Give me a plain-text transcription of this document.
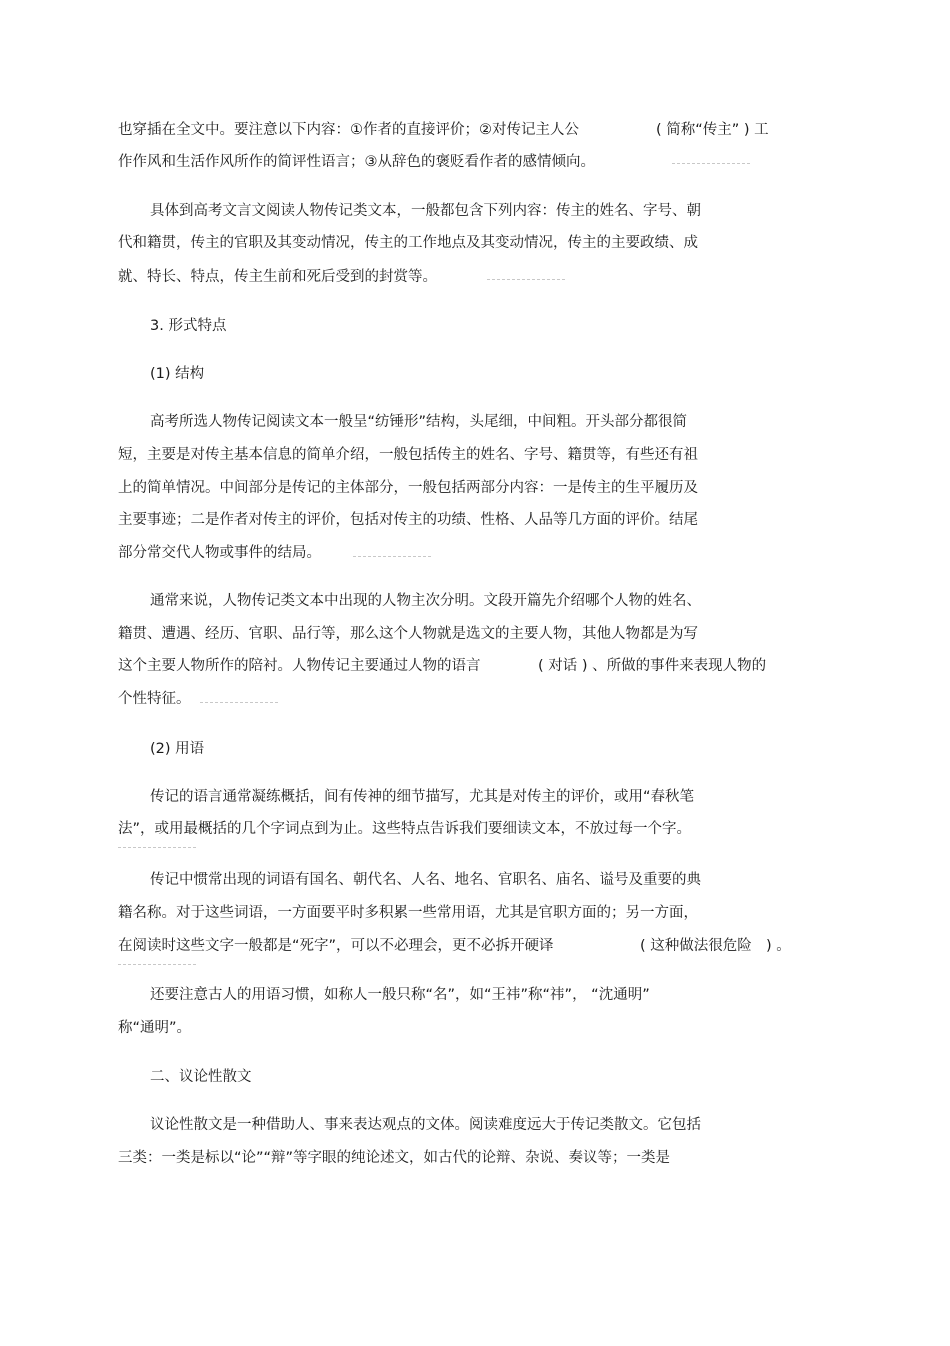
也穿插在全文中。要注意以下内容：①作者的直接评价；②对传记主人公	( 简称“传主” ) 工
作作风和生活作风所作的简评性语言；③从辞色的褒贬看作者的感情倾向。
具体到高考文言文阅读人物传记类文本，一般都包含下列内容：传主的姓名、字号、朝
代和籍贯，传主的官职及其变动情况，传主的工作地点及其变动情况，传主的主要政绩、成
就、特长、特点，传主生前和死后受到的封赏等。
3. 形式特点
(1) 结构
高考所选人物传记阅读文本一般呈“纺锤形”结构，头尾细，中间粗。开头部分都很简
短，主要是对传主基本信息的简单介绍，一般包括传主的姓名、字号、籍贯等，有些还有祖
上的简单情况。中间部分是传记的主体部分，一般包括两部分内容：一是传主的生平履历及
主要事迹；二是作者对传主的评价，包括对传主的功绩、性格、人品等几方面的评价。结尾
部分常交代人物或事件的结局。
通常来说，人物传记类文本中出现的人物主次分明。文段开篇先介绍哪个人物的姓名、
籍贯、遭遇、经历、官职、品行等，那么这个人物就是选文的主要人物，其他人物都是为写
这个主要人物所作的陪衬。人物传记主要通过人物的语言	( 对话 ) 、所做的事件来表现人物的
个性特征。
(2) 用语
传记的语言通常凝练概括，间有传神的细节描写，尤其是对传主的评价，或用“春秋笔
法”，或用最概括的几个字词点到为止。这些特点告诉我们要细读文本，不放过每一个字。
传记中惯常出现的词语有国名、朝代名、人名、地名、官职名、庙名、谥号及重要的典
籍名称。对于这些词语，一方面要平时多积累一些常用语，尤其是官职方面的；另一方面，
在阅读时这些文字一般都是“死字”，可以不必理会，更不必拆开硬译	( 这种做法很危险 ) 。
还要注意古人的用语习惯，如称人一般只称“名”，如“王祎”称“祎”， “沈通明”
称“通明”。
二、议论性散文
议论性散文是一种借助人、事来表达观点的文体。阅读难度远大于传记类散文。它包括
三类：一类是标以“论”“辩”等字眼的纯论述文，如古代的论辩、杂说、奏议等；一类是
